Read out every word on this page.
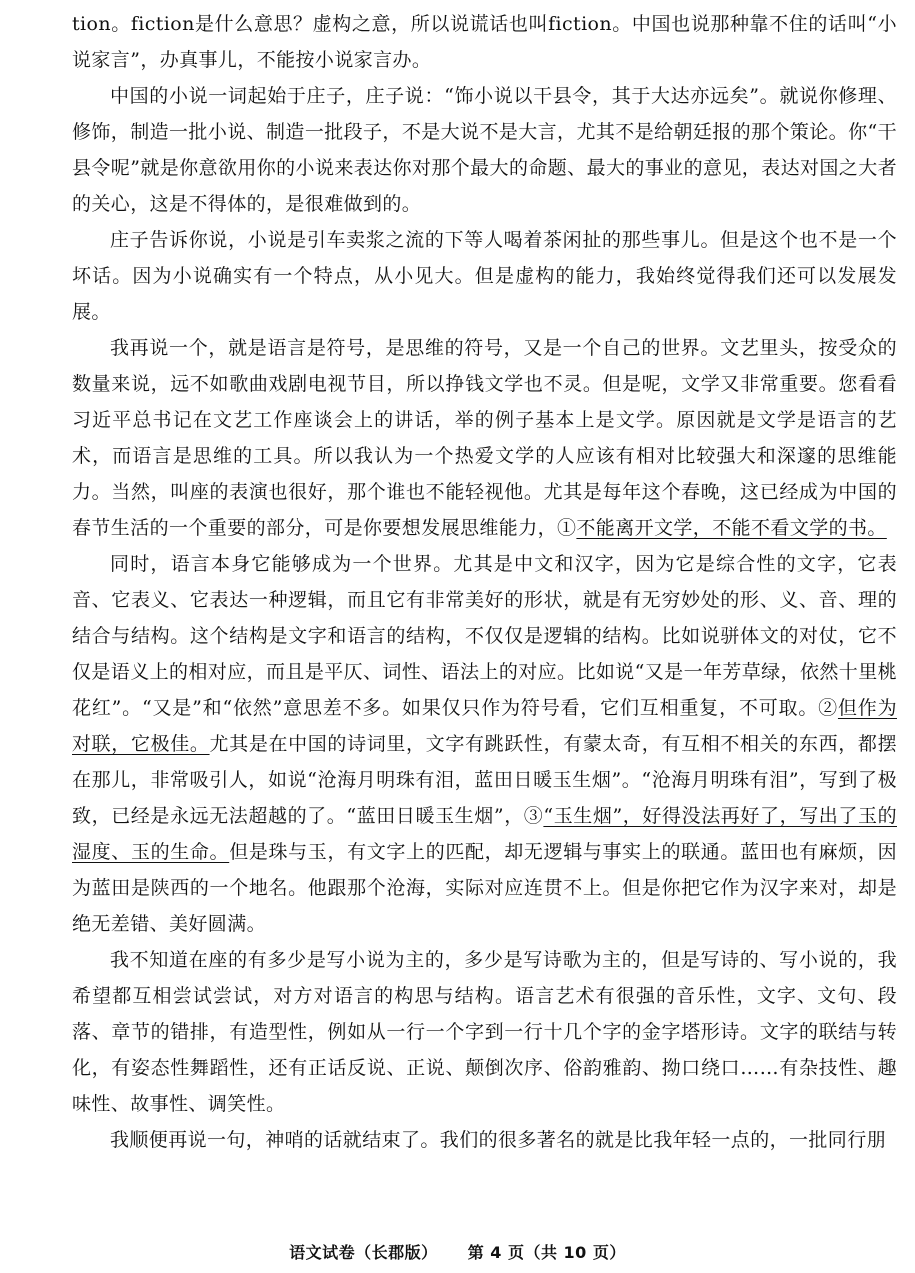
tion。fiction是什么意思？虚构之意，所以说谎话也叫fiction。中国也说那种靠不住的话叫“小说家言”，办真事儿，不能按小说家言办。

中国的小说一词起始于庄子，庄子说：“饰小说以干县令，其于大达亦远矣”。就说你修理、修饰，制造一批小说、制造一批段子，不是大说不是大言，尤其不是给朝廷报的那个策论。你“干县令呢”就是你意欲用你的小说来表达你对那个最大的命题、最大的事业的意见，表达对国之大者的关心，这是不得体的，是很难做到的。

庄子告诉你说，小说是引车卖浆之流的下等人喝着茶闲扯的那些事儿。但是这个也不是一个坏话。因为小说确实有一个特点，从小见大。但是虚构的能力，我始终觉得我们还可以发展发展。

我再说一个，就是语言是符号，是思维的符号，又是一个自己的世界。文艺里头，按受众的数量来说，远不如歌曲戏剧电视节目，所以挣钱文学也不灵。但是呢，文学又非常重要。您看看习近平总书记在文艺工作座谈会上的讲话，举的例子基本上是文学。原因就是文学是语言的艺术，而语言是思维的工具。所以我认为一个热爱文学的人应该有相对比较强大和深邃的思维能力。当然，叫座的表演也很好，那个谁也不能轻视他。尤其是每年这个春晚，这已经成为中国的春节生活的一个重要的部分，可是你要想发展思维能力，①不能离开文学，不能不看文学的书。

同时，语言本身它能够成为一个世界。尤其是中文和汉字，因为它是综合性的文字，它表音、它表义、它表达一种逻辑，而且它有非常美好的形状，就是有无穷妙处的形、义、音、理的结合与结构。这个结构是文字和语言的结构，不仅仅是逻辑的结构。比如说骈体文的对仗，它不仅是语义上的相对应，而且是平仄、词性、语法上的对应。比如说“又是一年芳草绿，依然十里桃花红”。“又是”和“依然”意思差不多。如果仅只作为符号看，它们互相重复，不可取。②但作为对联，它极佳。尤其是在中国的诗词里，文字有跳跃性，有蒙太奇，有互相不相关的东西，都摆在那儿，非常吸引人，如说“沧海月明珠有泪，蓝田日暖玉生烟”。“沧海月明珠有泪”，写到了极致，已经是永远无法超越的了。“蓝田日暖玉生烟”，③“玉生烟”，好得没法再好了，写出了玉的湿度、玉的生命。但是珠与玉，有文字上的匹配，却无逻辑与事实上的联通。蓝田也有麻烦，因为蓝田是陕西的一个地名。他跟那个沧海，实际对应连贯不上。但是你把它作为汉字来对，却是绝无差错、美好圆满。

我不知道在座的有多少是写小说为主的，多少是写诗歌为主的，但是写诗的、写小说的，我希望都互相尝试尝试，对方对语言的构思与结构。语言艺术有很强的音乐性，文字、文句、段落、章节的错排，有造型性，例如从一行一个字到一行十几个字的金字塔形诗。文字的联结与转化，有姿态性舞蹈性，还有正话反说、正说、颠倒次序、俗韵雅韵、拗口绕口……有杂技性、趣味性、故事性、调笑性。

我顺便再说一句，神哨的话就结束了。我们的很多著名的就是比我年轻一点的，一批同行朋

语文试卷（长郡版） 第 4 页（共 10 页）
